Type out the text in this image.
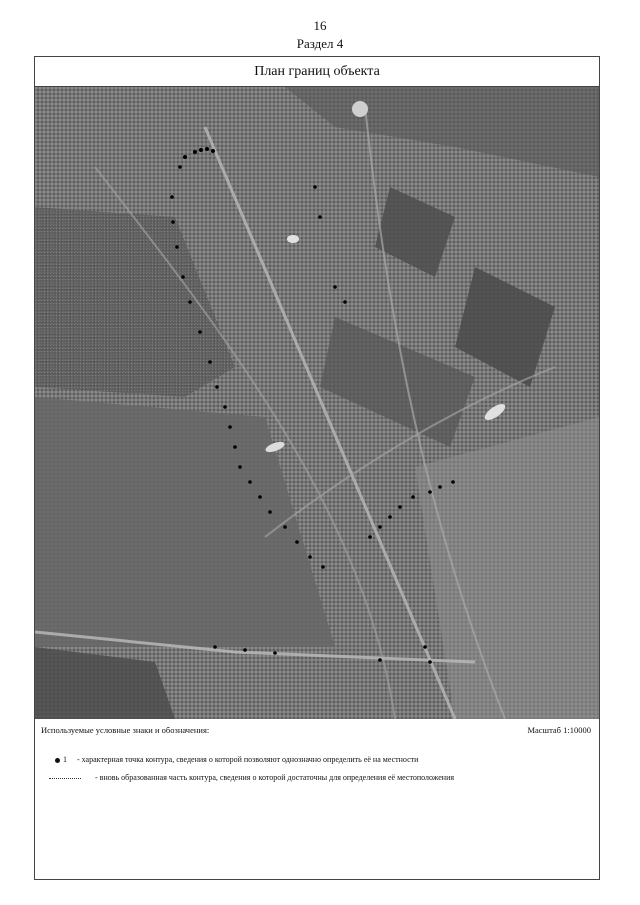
16
Раздел 4
План границ объекта
Используемые условные знаки и обозначения:	Масштаб 1:10000
1 - характерная точка контура, сведения о которой позволяют однозначно определить её на местности
- вновь образованная часть контура, сведения о которой достаточны для определения её местоположения
